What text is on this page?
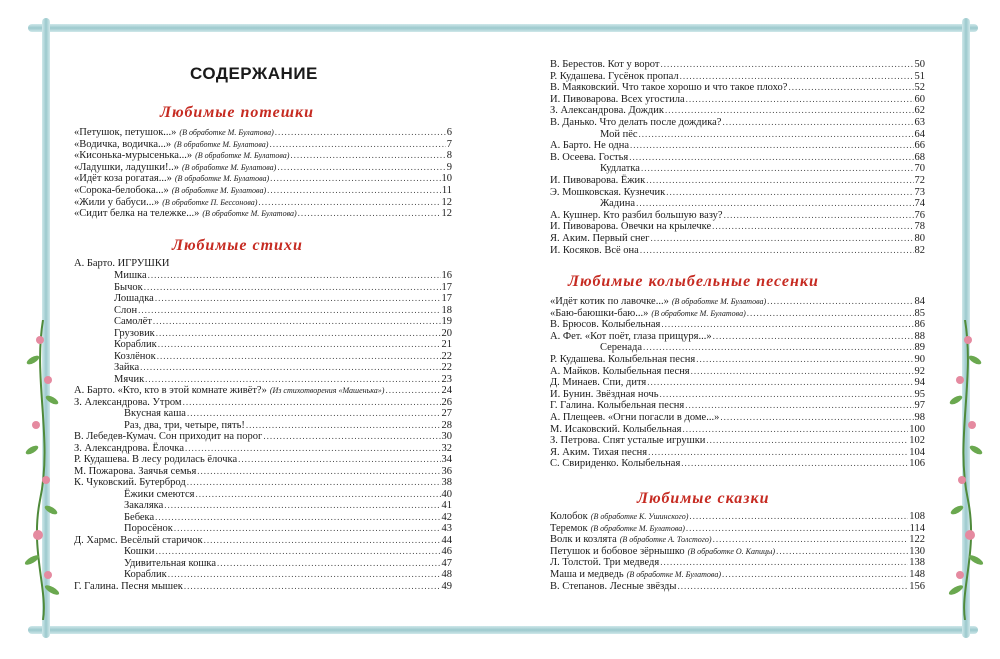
СОДЕРЖАНИЕ
Любимые потешки
Любимые стихи
А. Барто. ИГРУШКИ
Любимые колыбельные песенки
Любимые сказки
«Петушок, петушок...» (В обработке М. Булатова) .....	6
«Водичка, водичка...» (В обработке М. Булатова) .....	7
«Кисонька-мурысенька...» (В обработке М. Булатова) .....	8
«Ладушки, ладушки!..» (В обработке М. Булатова) .....	9
«Идёт коза рогатая...» (В обработке М. Булатова) .....	10
«Сорока-белобока...» (В обработке М. Булатова) .....	11
«Жили у бабуси...» (В обработке П. Бессонова) .....	12
«Сидит белка на тележке...» (В обработке М. Булатова) .....	12
Мишка .....	16
Бычок .....	17
Лошадка .....	17
Слон .....	18
Самолёт .....	19
Грузовик .....	20
Кораблик .....	21
Козлёнок .....	22
Зайка .....	22
Мячик .....	23
А. Барто. «Кто, кто в этой комнате живёт?» (Из стихотворения «Машенька») .....	24
З. Александрова. Утром .....	26
Вкусная каша .....	27
Раз, два, три, четыре, пять! .....	28
В. Лебедев-Кумач. Сон приходит на порог .....	30
З. Александрова. Ёлочка .....	32
Р. Кудашева. В лесу родилась ёлочка .....	34
М. Пожарова. Заячья семья .....	36
К. Чуковский. Бутерброд .....	38
Ёжики смеются .....	40
Закаляка .....	41
Бебека .....	42
Поросёнок .....	43
Д. Хармс. Весёлый старичок .....	44
Кошки .....	46
Удивительная кошка .....	47
Кораблик .....	48
Г. Галина. Песня мышек .....	49
В. Берестов. Кот у ворот .....	50
Р. Кудашева. Гусёнок пропал .....	51
В. Маяковский. Что такое хорошо и что такое плохо? .....	52
И. Пивоварова. Всех угостила .....	60
З. Александрова. Дождик .....	62
В. Данько. Что делать после дождика? .....	63
Мой пёс .....	64
А. Барто. Не одна .....	66
В. Осеева. Гостья .....	68
Кудлатка .....	70
И. Пивоварова. Ёжик .....	72
Э. Мошковская. Кузнечик .....	73
Жадина .....	74
А. Кушнер. Кто разбил большую вазу? .....	76
И. Пивоварова. Овечки на крылечке .....	78
Я. Аким. Первый снег .....	80
И. Косяков. Всё она .....	82
«Идёт котик по лавочке...» (В обработке М. Булатова) .....	84
«Баю-баюшки-баю...» (В обработке М. Булатова) .....	85
В. Брюсов. Колыбельная .....	86
А. Фет. «Кот поёт, глаза прищуря...» .....	88
Серенада .....	89
Р. Кудашева. Колыбельная песня .....	90
А. Майков. Колыбельная песня .....	92
Д. Минаев. Спи, дитя .....	94
И. Бунин. Звёздная ночь .....	95
Г. Галина. Колыбельная песня .....	97
А. Плещеев. «Огни погасли в доме...» .....	98
М. Исаковский. Колыбельная .....	100
З. Петрова. Спят усталые игрушки .....	102
Я. Аким. Тихая песня .....	104
С. Свириденко. Колыбельная .....	106
Колобок (В обработке К. Ушинского) .....	108
Теремок (В обработке М. Булатова) .....	114
Волк и козлята (В обработке А. Толстого) .....	122
Петушок и бобовое зёрнышко (В обработке О. Капицы) .....	130
Л. Толстой. Три медведя .....	138
Маша и медведь (В обработке М. Булатова) .....	148
В. Степанов. Лесные звёзды .....	156
